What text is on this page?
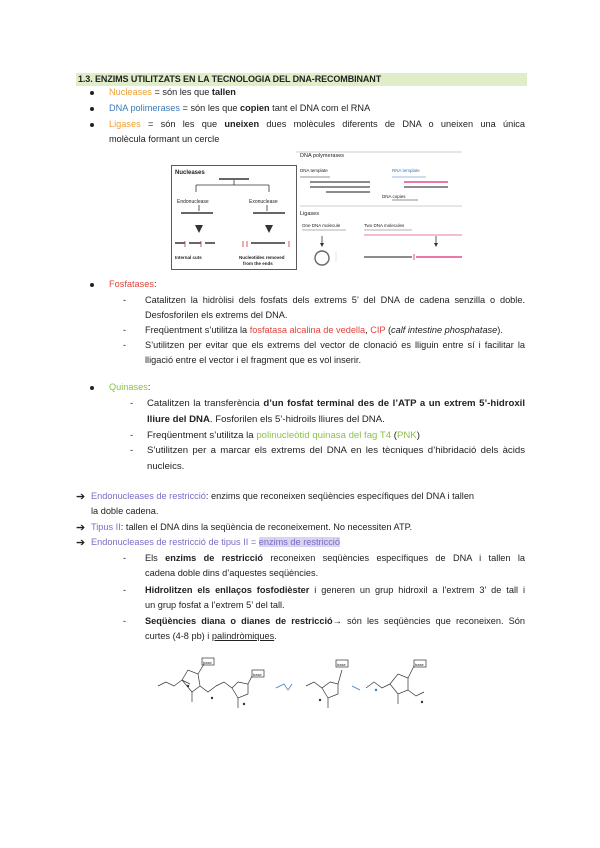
1.3. ENZIMS UTILITZATS EN LA TECNOLOGIA DEL DNA-RECOMBINANT
Nucleases = són les que tallen
DNA polimerases = són les que copien tant el DNA com el RNA
Ligases = són les que uneixen dues molècules diferents de DNA o uneixen una única
molècula formant un cercle
Nucleases
Endonuclease	Exonuclease
Internal cuts	Nucleotides removed
from the ends
DNA polymerases
DNA template	RNA template
DNA copies
Ligases
One DNA molecule	Two DNA molecules
Fosfatases:
- Catalitzen la hidròlisi dels fosfats dels extrems 5’ del DNA de cadena senzilla o doble.
Desfosforilen els extrems del DNA.
- Freqüentment s’utilitza la fosfatasa alcalina de vedella, CIP (calf intestine phosphatase).
- S’utilitzen per evitar que els extrems del vector de clonació es lliguin entre sí i facilitar la
lligació entre el vector i el fragment que es vol inserir.
Quinases:
- Catalitzen la transferència d’un fosfat terminal des de l’ATP a un extrem 5’-hidroxil
lliure del DNA. Fosforilen els 5’-hidroils lliures del DNA.
- Freqüentment s’utilitza la polinucleòtid quinasa del fag T4 (PNK)
- S’utilitzen per a marcar els extrems del DNA en les tècniques d’hibridació dels àcids
nucleics.
➔ Endonucleases de restricció: enzims que reconeixen seqüències específiques del DNA i tallen
la doble cadena.
➔ Tipus II: tallen el DNA dins la seqüència de reconeixement. No necessiten ATP.
➔ Endonucleases de restricció de tipus II = enzims de restricció
- Els enzims de restricció reconeixen seqüències específiques de DNA i tallen la
cadena doble dins d’aquestes seqüències.
- Hidrolitzen els enllaços fosfodièster i generen un grup hidroxil a l’extrem 3’ de tall i
un grup fosfat a l’extrem 5’ del tall.
- Seqüències diana o dianes de restricció→ són les seqüències que reconeixen. Són
curtes (4-8 pb) i palindròmiques.
base
base
base	base
